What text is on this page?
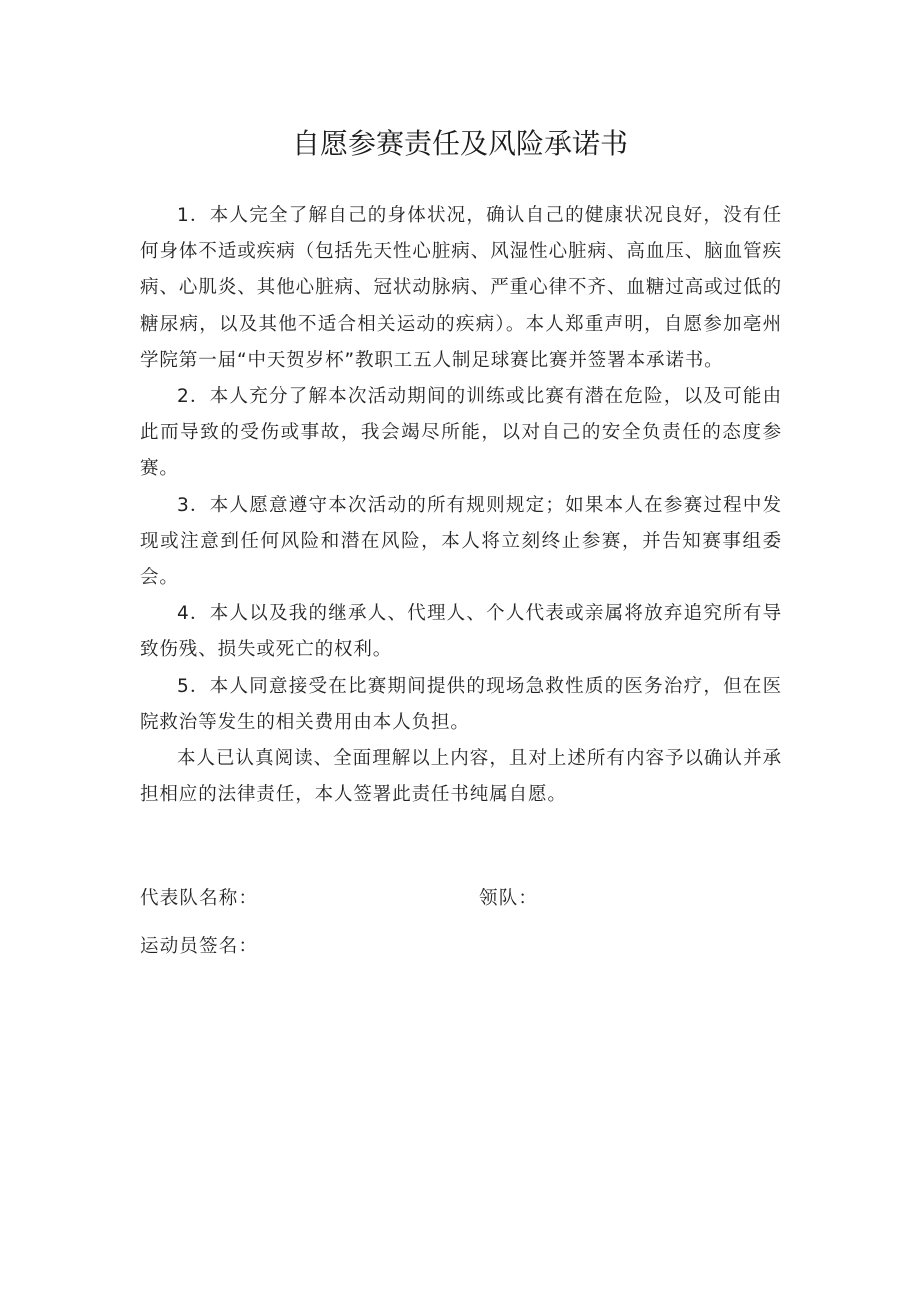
自愿参赛责任及风险承诺书

1．本人完全了解自己的身体状况，确认自己的健康状况良好，没有任何身体不适或疾病（包括先天性心脏病、风湿性心脏病、高血压、脑血管疾病、心肌炎、其他心脏病、冠状动脉病、严重心律不齐、血糖过高或过低的糖尿病，以及其他不适合相关运动的疾病）。本人郑重声明，自愿参加亳州学院第一届“中天贺岁杯”教职工五人制足球赛比赛并签署本承诺书。

2．本人充分了解本次活动期间的训练或比赛有潜在危险，以及可能由此而导致的受伤或事故，我会竭尽所能，以对自己的安全负责任的态度参赛。

3．本人愿意遵守本次活动的所有规则规定；如果本人在参赛过程中发现或注意到任何风险和潜在风险，本人将立刻终止参赛，并告知赛事组委会。

4．本人以及我的继承人、代理人、个人代表或亲属将放弃追究所有导致伤残、损失或死亡的权利。

5．本人同意接受在比赛期间提供的现场急救性质的医务治疗，但在医院救治等发生的相关费用由本人负担。

本人已认真阅读、全面理解以上内容，且对上述所有内容予以确认并承担相应的法律责任，本人签署此责任书纯属自愿。

代表队名称：	领队：
运动员签名：
